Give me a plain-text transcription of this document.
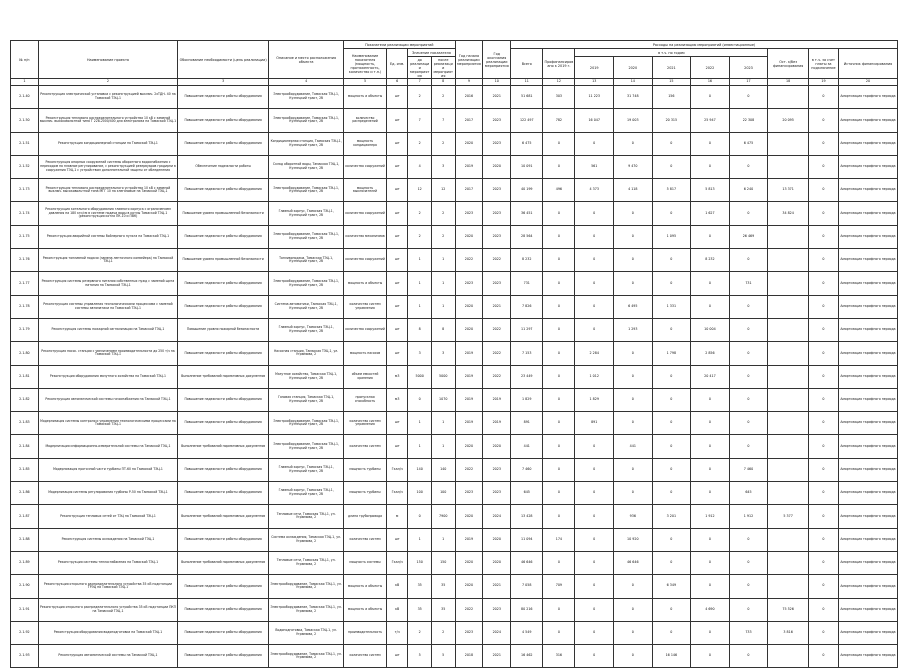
№ п/п	Наименование проекта	Обоснование необходимости (цель реализации)	Описание и место расположения объекта	Показатели реализации мероприятий				Год начала реализации мероприятия	Год окончания реализации мероприятия	Расходы на реализацию мероприятий (инвестиционные)									
				Наименование показателя (мощность, протяженность, количество и т.п.)	Ед. изм.	Значение показателя				Всего	Профинансировано к 2019 г.	в т.ч. по годам					Ост. к/без финансирования	в т.ч. за счет платы за подключение	Источник финансирования
						до реализации мероприятия	после реализации мероприятия					2019	2020	2021	2022	2023			
1	2	3	4	5	6	7	8	9	10	11	12	13	14	15	16	17	18	19	20
2.1.40	Реконструкция электрической установки с реконструкцией выключ. 2хТДН- 40 на Тамаской ТЭЦ-1	Повышение надежности работы оборудования	Электрооборудование, Тамаская ТЭЦ-1, Кузнецкий тракт, 2б	мощность и объекты	шт	2	2	2016	2021	51 681	303	11 223	31 748	156	0	0		0	Амортизация тарифного периода
2.1.50	Реконструкция теплового распределительного устройства 10 кВ с заменой выключ. высоковольтной типа Т 228-2000/400 для электролиза на Тамаской ТЭЦ-1	Повышение надежности работы оборудования	Электрооборудование, Тамаская ТЭЦ-1, Кузнецкий тракт, 2б	количество распределений	шт	7	7	2017	2023	122 497	782	16 047	19 003	20 315	25 947	22 308	20 095	0	Амортизация тарифного периода
2.1.51	Реконструкция кондиционерной станции на Тамаской ТЭЦ-1	Повышение надежности работы оборудования	Кондиционерная станция, Тамаская ТЭЦ-1, Кузнецкий тракт, 2б	мощность кондиционера	шт	2	2	2020	2023	6 475	0	0	0	0	0	6 475		0	Амортизация тарифного периода
2.1.52	Реконструкция опорных сооружений системы оборотного водоснабжения с переходом на плавное регулирование, с реконструкцией резервуаров градирни в сооружения ТЭЦ-1 с устройством дополнительной защиты от обледенения	Обеспечение надежности работы	Склад оборотной воды, Тамаская ТЭЦ-1, Кузнецкий тракт, 2б	количество сооружений	шт	4	3	2019	2020	10 091	0	561	9 470	0	0	0		0	Амортизация тарифного периода
2.1.73	Реконструкция теплового распределительного устройства 10 кВ с заменой выключ. высоковольтной типа МГГ 10 на элегазовые на Тамаской ТЭЦ-1	Повышение надежности работы оборудования	Электрооборудование, Тамаская ТЭЦ-1, Кузнецкий тракт, 2б	мощность выключателей	шт	12	12	2017	2023	40 199	496	4 373	4 118	5 817	5 813	6 240	13 371	0	Амортизация тарифного периода
2.1.74	Реконструкция котельного оборудования главного корпуса с ограничением давления на 180 кгс/см в системе подачи воды в котлы Тамаской ТЭЦ-1 (реконструкция котла ПК-10 и ПВК)	Повышение уровня промышленной безопасности	Главный корпус, Тамаская ТЭЦ-1, Кузнецкий тракт, 2б	количество сооружений	шт	2	2	2023	2023	36 451	0	0	0	0	1 627	0	34 824	0	Амортизация тарифного периода
2.1.75	Реконструкция аварийной системы бойлерного пульта на Тамаской ТЭЦ-1	Повышение надежности работы оборудования	Электрооборудование, Тамаская ТЭЦ-1, Кузнецкий тракт, 2б	количество механизмов	шт	2	2	2020	2023	28 564	0	0	0	1 095	0	26 469		0	Амортизация тарифного периода
2.1.76	Реконструкция топливной подачи (замена ленточного конвейера) на Тамаской ТЭЦ-1	Повышение уровня промышленной безопасности	Топливоподача, Тамаская ТЭЦ-1, Кузнецкий тракт, 2б	количество сооружений	шт	1	1	2022	2022	8 232	0	0	0	0	8 232	0		0	Амортизация тарифного периода
2.1.77	Реконструкция системы резервного питания собственных нужд с заменой щита питания на Тамаской ТЭЦ-1	Повышение надежности работы оборудования	Электрооборудование, Тамаская ТЭЦ-1, Кузнецкий тракт, 2б	мощность и объекты	шт	1	1	2023	2023	731	0	0	0	0	0	731		0	Амортизация тарифного периода
2.1.78	Реконструкция системы управления технологическими процессами с заменой системы автоматики на Тамаской ТЭЦ-1	Повышение надежности работы оборудования	Система автоматики, Тамаская ТЭЦ-1, Кузнецкий тракт, 2б	количество систем управления	шт	1	1	2020	2021	7 826	0	0	6 495	1 331	0	0		0	Амортизация тарифного периода
2.1.79	Реконструкция системы пожарной сигнализации на Тамаской ТЭЦ-1	Повышение уровня пожарной безопасности	Главный корпус, Тамаская ТЭЦ-1, Кузнецкий тракт, 2б	количество сооружений	шт	8	8	2020	2022	11 297	0	0	1 293	0	10 004	0		0	Амортизация тарифного периода
2.1.80	Реконструкция насос. станции с увеличением производительности до 250 т/ч на Тамаской ТЭЦ-1	Повышение надежности работы оборудования	Насосная станция, Тамаская ТЭЦ-1, ул. Угрюмова, 2	мощность насосов	шт	3	3	2019	2022	7 153	0	2 284	0	1 798	2 856	0		0	Амортизация тарифного периода
2.1.81	Реконструкция оборудования мазутного хозяйства на Тамаской ТЭЦ-1	Выполнение требований нормативных документов	Мазутное хозяйство, Тамаская ТЭЦ-1, Кузнецкий тракт, 2б	объем емкостей хранения	м3	5000	5000	2019	2022	23 449	0	1 012	0	0	20 417	0		0	Амортизация тарифного периода
2.1.82	Реконструкция автоматической системы газоснабжения на Тамаской ТЭЦ-1	Повышение надежности работы оборудования	Газовая станция, Тамаская ТЭЦ-1, Кузнецкий тракт, 2б	пропускная способность	м3	0	1070	2019	2019	1 829	0	1 829	0	0	0	0		0	Амортизация тарифного периода
2.1.83	Модернизация системы контроля и управления технологическими процессами на Тамаской ТЭЦ-1	Повышение надежности работы оборудования	Электрооборудование, Тамаская ТЭЦ-1, Кузнецкий тракт, 2б	количество систем управления	шт	1	1	2019	2019	891	0	891	0	0	0	0		0	Амортизация тарифного периода
2.1.84	Модернизация информационно-измерительной системы на Тамаской ТЭЦ-1	Выполнение требований нормативных документов	Электрооборудование, Тамаская ТЭЦ-1, Кузнецкий тракт, 2б	количество систем	шт	1	1	2020	2020	441	0	0	441	0	0	0		0	Амортизация тарифного периода
2.1.85	Модернизация проточной части турбины ПТ-60 на Тамаской ТЭЦ-1	Повышение надежности работы оборудования	Главный корпус, Тамаская ТЭЦ-1, Кузнецкий тракт, 2б	мощность турбины	Гкал/ч	140	140	2022	2023	7 460	0	0	0	0	0	7 460		0	Амортизация тарифного периода
2.1.86	Модернизация системы регулирования турбины Р-50 на Тамаской ТЭЦ-1	Повышение надежности работы оборудования	Главный корпус, Тамаская ТЭЦ-1, Кузнецкий тракт, 2б	мощность турбины	Гкал/ч	100	100	2023	2023	645	0	0	0	0	0	645		0	Амортизация тарифного периода
2.1.87	Реконструкция тепловых сетей от ТЭЦ на Тамаской ТЭЦ-1	Выполнение требований нормативных документов	Тепловые сети, Тамаская ТЭЦ-1, ул. Угрюмова, 2	длина трубопровода	м	0	7900	2020	2024	13 428	0	0	936	3 201	1 912	1 912	5 377	0	Амортизация тарифного периода
2.1.88	Реконструкция системы охлаждения на Тамаской ТЭЦ-1	Повышение надежности работы оборудования	Система охлаждения, Тамаская ТЭЦ-1, ул. Угрюмова, 2	количество систем	шт	1	1	2019	2020	11 094	174	0	10 920	0	0	0		0	Амортизация тарифного периода
2.1.89	Реконструкция системы теплоснабжения на Тамаской ТЭЦ-1	Выполнение требований нормативных документов	Тепловые сети, Тамаская ТЭЦ-1, ул. Угрюмова, 2	мощность системы	Гкал/ч	150	150	2020	2020	46 646	0	0	46 646	0	0	0		0	Амортизация тарифного периода
2.1.90	Реконструкция открытого распределительного устройства 35 кВ подстанции ТРЭЦ на Тамаской ТЭЦ-1	Повышение надежности работы оборудования	Электрооборудование, Тамаская ТЭЦ-1, ул. Угрюмова, 2	мощность и объекты	кВ	35	35	2020	2021	7 058	709	0	0	6 349	0	0		0	Амортизация тарифного периода
2.1.91	Реконструкция открытого распределительного устройства 35 кВ подстанции ПКП на Тамаской ТЭЦ-1	Повышение надежности работы оборудования	Электрооборудование, Тамаская ТЭЦ-1, ул. Угрюмова, 2	мощность и объекты	кВ	35	35	2022	2023	80 216	0	0	0	0	4 690	0	75 526	0	Амортизация тарифного периода
2.1.92	Реконструкция оборудования водоподготовки на Тамаской ТЭЦ-1	Повышение надежности работы оборудования	Водоподготовка, Тамаская ТЭЦ-1, ул. Угрюмова, 2	производительность	т/ч	2	2	2023	2024	4 549	0	0	0	0	0	733	3 816	0	Амортизация тарифного периода
2.1.93	Реконструкция автоматической системы на Тамаской ТЭЦ-1	Повышение надежности работы оборудования	Электрооборудование, Тамаская ТЭЦ-1, ул. Угрюмова, 2	количество систем	шт	5	5	2018	2021	16 462	316	0	0	16 146	0	0		0	Амортизация тарифного периода
